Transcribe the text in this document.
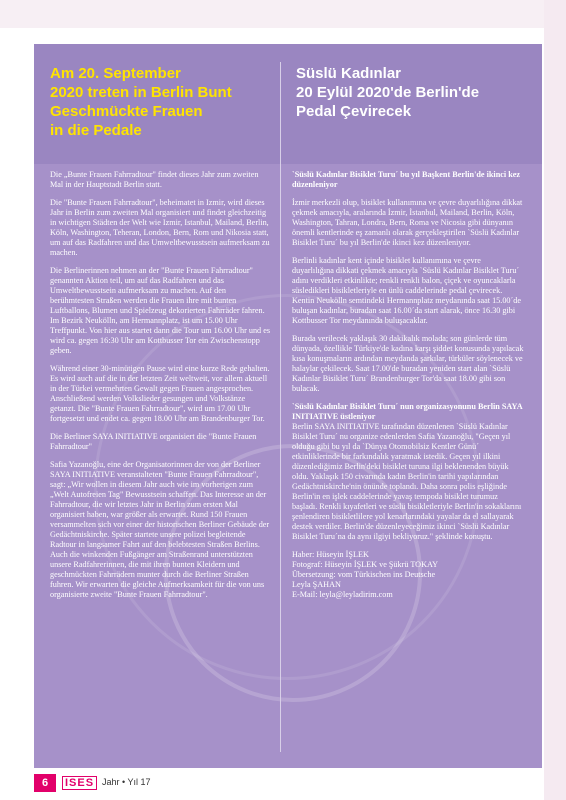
Am 20. September
2020 treten in Berlin Bunt
Geschmückte Frauen
in die Pedale
Süslü Kadınlar
20 Eylül 2020'de Berlin'de
Pedal Çevirecek

Die „Bunte Frauen Fahrradtour" findet dieses Jahr zum zweiten Mal in der Hauptstadt Berlin statt.

Die "Bunte Frauen Fahrradtour", beheimatet in Izmir, wird dieses Jahr in Berlin zum zweiten Mal organisiert und findet gleichzeitig in wichtigen Städten der Welt wie Izmir, Istanbul, Mailand, Berlin, Köln, Washington, Teheran, London, Bern, Rom und Nikosia statt, um auf das Radfahren und das Umweltbewusstsein aufmerksam zu machen.

Die Berlinerinnen nehmen an der "Bunte Frauen Fahrradtour" genannten Aktion teil, um auf das Radfahren und das Umweltbewusstsein aufmerksam zu machen. Auf den berühmtesten Straßen werden die Frauen ihre mit bunten Luftballons, Blumen und Spielzeug dekorierten Fahrräder fahren. Im Bezirk Neukölln, am Hermannplatz, ist um 15.00 Uhr Treffpunkt. Von hier aus startet dann die Tour um 16.00 Uhr und es wird ca. gegen 16:30 Uhr am Kottbusser Tor ein Zwischenstopp geben.

Während einer 30-minütigen Pause wird eine kurze Rede gehalten. Es wird auch auf die in der letzten Zeit weltweit, vor allem aktuell in der Türkei vermehrten Gewalt gegen Frauen angesprochen. Anschließend werden Volkslieder gesungen und Volkstänze getanzt. Die "Bunte Frauen Fahrradtour", wird um 17.00 Uhr fortgesetzt und endet ca. gegen 18.00 Uhr am Brandenburger Tor.

Die Berliner SAYA INITIATIVE organisiert die "Bunte Frauen Fahrradtour"

Safia Yazanoğlu, eine der Organisatorinnen der von der Berliner SAYA INITIATIVE veranstalteten "Bunte Frauen Fahrradtour", sagt: „Wir wollen in diesem Jahr auch wie im vorherigen zum „Welt Autofreien Tag" Bewusstsein schaffen. Das Interesse an der Fahrradtour, die wir letztes Jahr in Berlin zum ersten Mal organisiert haben, war größer als erwartet. Rund 150 Frauen versammelten sich vor einer der historischen Berliner Gebäude der Gedächtniskirche. Später startete unsere polizei begleitende Radtour in langsamer Fahrt auf den belebtesten Straßen Berlins. Auch die winkenden Fußgänger am Straßenrand unterstützten unsere Radfahrerinnen, die mit ihren bunten Kleidern und geschmückten Fahrrädern munter durch die Berliner Straßen fuhren. Wir erwarten die gleiche Aufmerksamkeit für die von uns organisierte zweite "Bunte Frauen Fahrradtour".

`Süslü Kadınlar Bisiklet Turu´ bu yıl Başkent Berlin'de ikinci kez düzenleniyor

İzmir merkezli olup, bisiklet kullanımına ve çevre duyarlılığına dikkat çekmek amacıyla, aralarında İzmir, İstanbul, Mailand, Berlin, Köln, Washington, Tahran, Londra, Bern, Roma ve Nicosia gibi dünyanın önemli kentlerinde eş zamanlı olarak gerçekleştirilen `Süslü Kadınlar Bisiklet Turu´ bu yıl Berlin'de ikinci kez düzenleniyor.

Berlinli kadınlar kent içinde bisiklet kullanımına ve çevre duyarlılığına dikkati çekmek amacıyla `Süslü Kadınlar Bisiklet Turu´ adını verdikleri etkinlikte; renkli renkli balon, çiçek ve oyuncaklarla süsledikleri bisikletleriyle en ünlü caddelerinde pedal çevirecek. Kentin Neukölln semtindeki Hermannplatz meydanında saat 15.00´de buluşan kadınlar, buradan saat 16.00´da start alarak, önce 16.30 gibi Kottbusser Tor meydanında buluşacaklar.

Burada verilecek yaklaşık 30 dakikalık molada; son günlerde tüm dünyada, özellikle Türkiye'de kadına karşı şiddet konusunda yapılacak kısa konuşmaların ardından meydanda şarkılar, türküler söylenecek ve halaylar çekilecek. Saat 17.00'de buradan yeniden start alan `Süslü Kadınlar Bisiklet Turu´ Brandenburger Tor'da saat 18.00 gibi son bulacak.

`Süslü Kadınlar Bisiklet Turu´ nun organizasyonunu Berlin SAYA INITIATIVE üstleniyor

Berlin SAYA INITIATIVE tarafından düzenlenen `Süslü Kadınlar Bisiklet Turu´ nu organize edenlerden Safia Yazanoğlu, "Geçen yıl olduğu gibi bu yıl da `Dünya Otomobilsiz Kentler Günü´ etkinliklerinde bir farkındalık yaratmak istedik. Geçen yıl ilkini düzenlediğimiz Berlin'deki bisiklet turuna ilgi beklenenden büyük oldu. Yaklaşık 150 civarında kadın Berlin'in tarihi yapılarından Gedächtniskirche'nin önünde toplandı. Daha sonra polis eşliğinde Berlin'in en işlek caddelerinde yavaş tempoda bisiklet turumuz başladı. Renkli kıyafetleri ve süslü bisikletleriyle Berlin'in sokaklarını şenlendiren bisikletlilere yol kenarlarındaki yayalar da el sallayarak destek verdiler. Berlin'de düzenleyeceğimiz ikinci `Süslü Kadınlar Bisiklet Turu´na da aynı ilgiyi bekliyoruz." şeklinde konuştu.

Haber: Hüseyin İŞLEK
Fotograf: Hüseyin İŞLEK ve Şükrü TOKAY
Übersetzung: vom Türkischen ins Deutsche
Leyla ŞAHAN
E-Mail: leyla@leyladirim.com
6	ISES Jahr • Yıl 17
